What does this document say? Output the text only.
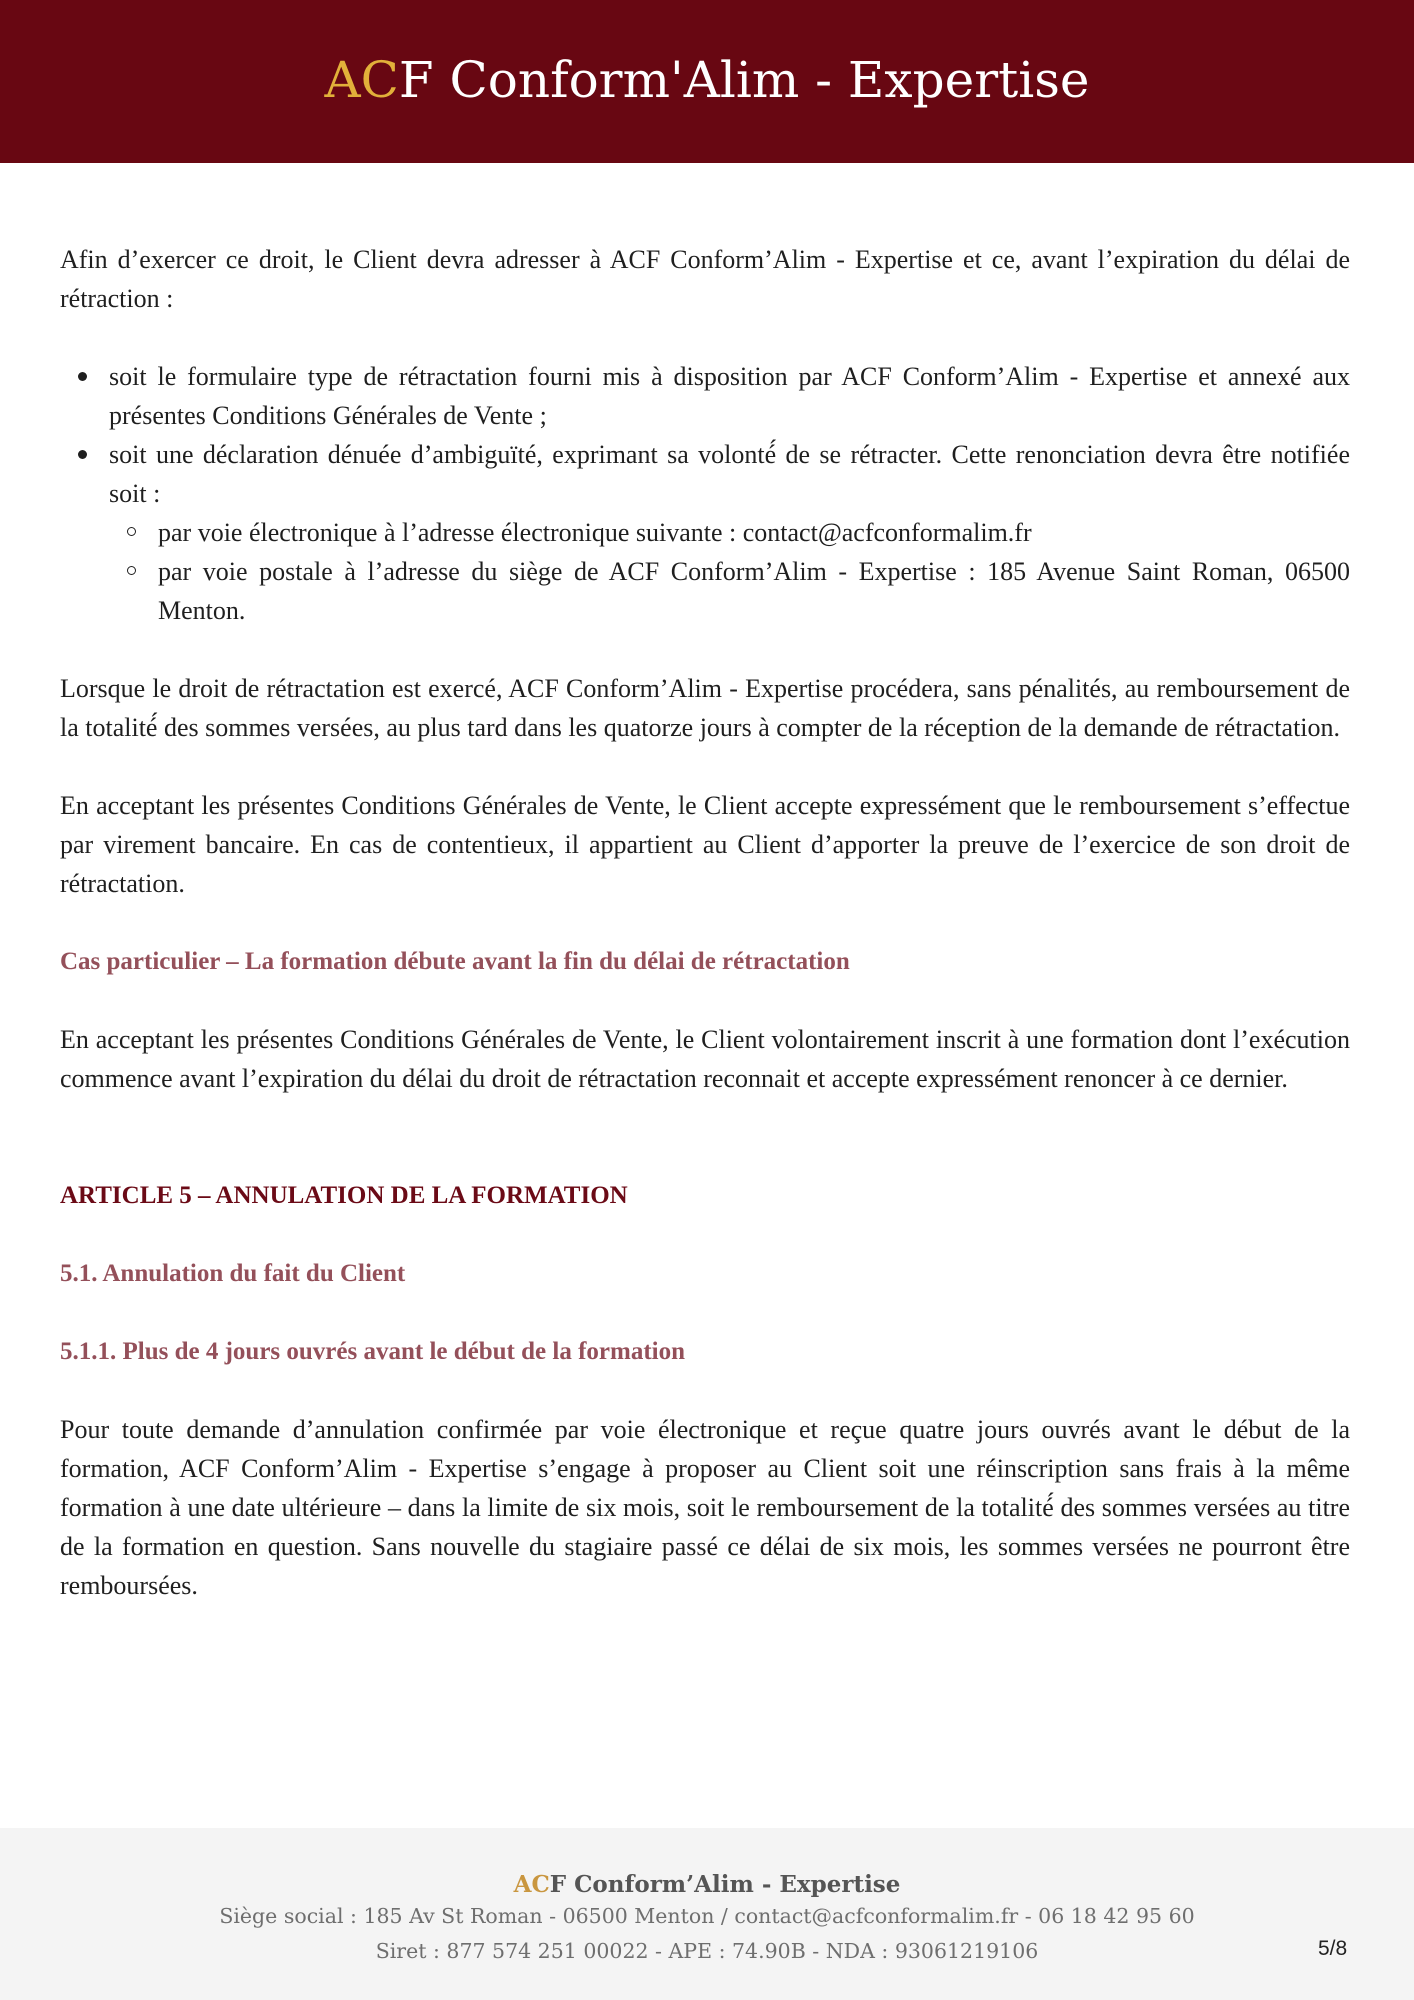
ACF Conform'Alim - Expertise

Afin d’exercer ce droit, le Client devra adresser à ACF Conform’Alim - Expertise et ce, avant l’expiration du délai de rétraction :

soit le formulaire type de rétractation fourni mis à disposition par ACF Conform’Alim - Expertise et annexé aux présentes Conditions Générales de Vente ;
soit une déclaration dénuée d’ambiguïté, exprimant sa volonté́ de se rétracter. Cette renonciation devra être notifiée soit :
par voie électronique à l’adresse électronique suivante : contact@acfconformalim.fr
par voie postale à l’adresse du siège de ACF Conform’Alim - Expertise : 185 Avenue Saint Roman, 06500 Menton.

Lorsque le droit de rétractation est exercé, ACF Conform’Alim - Expertise procédera, sans pénalités, au remboursement de la totalité́ des sommes versées, au plus tard dans les quatorze jours à compter de la réception de la demande de rétractation.

En acceptant les présentes Conditions Générales de Vente, le Client accepte expressément que le remboursement s’effectue par virement bancaire. En cas de contentieux, il appartient au Client d’apporter la preuve de l’exercice de son droit de rétractation.

Cas particulier – La formation débute avant la fin du délai de rétractation

En acceptant les présentes Conditions Générales de Vente, le Client volontairement inscrit à une formation dont l’exécution commence avant l’expiration du délai du droit de rétractation reconnait et accepte expressément renoncer à ce dernier.

ARTICLE 5 – ANNULATION DE LA FORMATION
5.1. Annulation du fait du Client
5.1.1. Plus de 4 jours ouvrés avant le début de la formation

Pour toute demande d’annulation confirmée par voie électronique et reçue quatre jours ouvrés avant le début de la formation, ACF Conform’Alim - Expertise s’engage à proposer au Client soit une réinscription sans frais à la même formation à une date ultérieure – dans la limite de six mois, soit le remboursement de la totalité́ des sommes versées au titre de la formation en question. Sans nouvelle du stagiaire passé ce délai de six mois, les sommes versées ne pourront être remboursées.

ACF Conform’Alim - Expertise
Siège social : 185 Av St Roman - 06500 Menton / contact@acfconformalim.fr - 06 18 42 95 60
Siret : 877 574 251 00022 - APE : 74.90B - NDA : 93061219106	5/8
